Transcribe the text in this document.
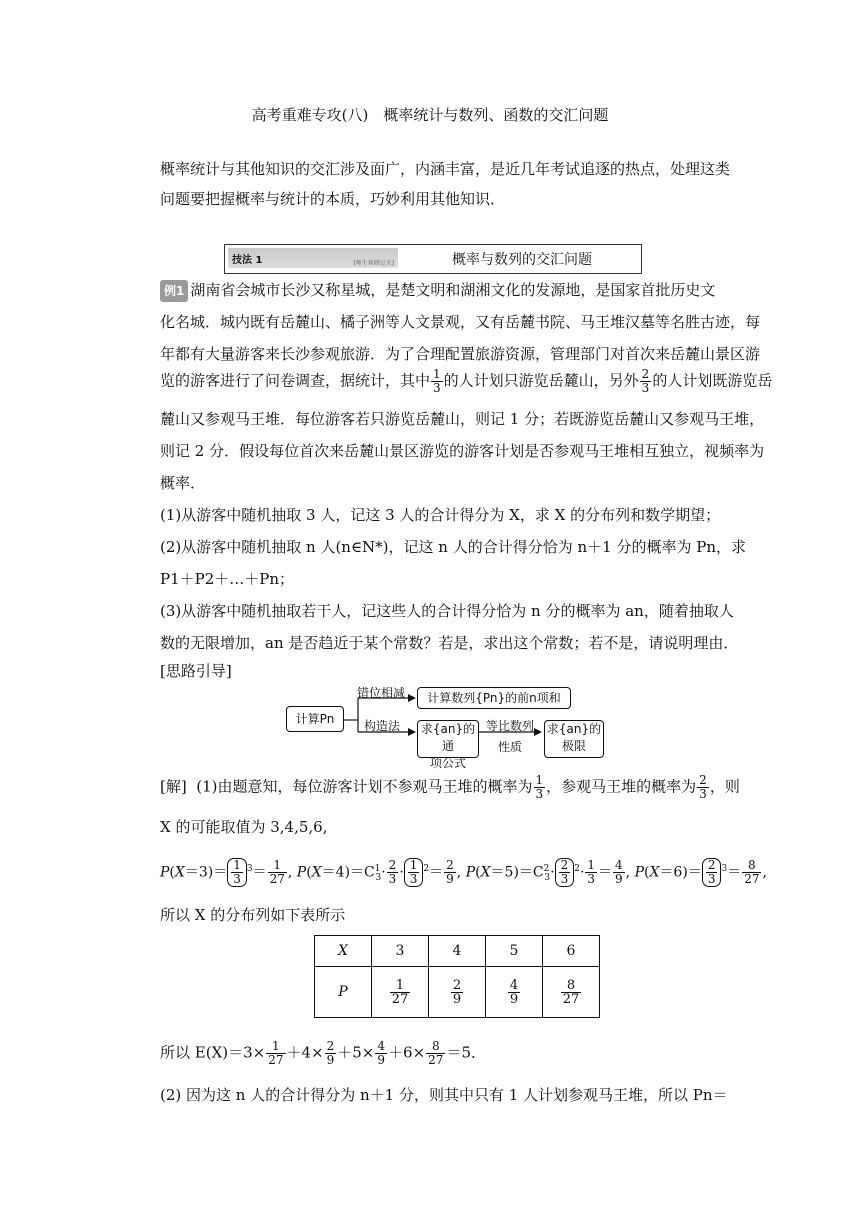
高考重难专攻(八)　概率统计与数列、函数的交汇问题
概率统计与其他知识的交汇涉及面广，内涵丰富，是近几年考试追逐的热点，处理这类
问题要把握概率与统计的本质，巧妙利用其他知识．
技法 1	[师生共研过关]	概率与数列的交汇问题
例1 湖南省会城市长沙又称星城，是楚文明和湖湘文化的发源地，是国家首批历史文
化名城．城内既有岳麓山、橘子洲等人文景观，又有岳麓书院、马王堆汉墓等名胜古迹，每
年都有大量游客来长沙参观旅游．为了合理配置旅游资源，管理部门对首次来岳麓山景区游
览的游客进行了问卷调查，据统计，其中 $\frac{1}{3}$ 的人计划只游览岳麓山，另外 $\frac{2}{3}$ 的人计划既游览岳
麓山又参观马王堆．每位游客若只游览岳麓山，则记 1 分；若既游览岳麓山又参观马王堆，
则记 2 分．假设每位首次来岳麓山景区游览的游客计划是否参观马王堆相互独立，视频率为
概率．
(1)从游客中随机抽取 3 人，记这 3 人的合计得分为 X，求 X 的分布列和数学期望；
(2)从游客中随机抽取 n 人(n∈N*)，记这 n 人的合计得分恰为 n＋1 分的概率为 Pn，求
P1＋P2＋…＋Pn；
(3)从游客中随机抽取若干人，记这些人的合计得分恰为 n 分的概率为 an，随着抽取人
数的无限增加，an 是否趋近于某个常数？若是，求出这个常数；若不是，请说明理由．
[思路引导]
计算Pn
错位相减	计算数列{Pn}的前n项和
构造法	求{an}的通
项公式
等比数列
性质
求{an}的
极限
[解] (1)由题意知，每位游客计划不参观马王堆的概率为 $\frac{1}{3}$ ，参观马王堆的概率为 $\frac{2}{3}$ ，则
X 的可能取值为 3,4,5,6,
$P(X=3)= \frac{1}{3} ^3= \frac{1}{27}$ , $P(X=4)=C^1_3\cdot \frac{2}{3} \cdot \frac{1}{3} ^2= \frac{2}{9}$ , $P(X=5)=C^2_3\cdot \frac{2}{3} ^2\cdot \frac{1}{3} = \frac{4}{9}$ , $P(X=6)= \frac{2}{3} ^3= \frac{8}{27}$ ,
所以 X 的分布列如下表所示
X	3	4	5	6
P	$\frac{1}{27}$	$\frac{2}{9}$	$\frac{4}{9}$	$\frac{8}{27}$
所以 $E(X)=3\times \frac{1}{27} +4\times \frac{2}{9} +5\times \frac{4}{9} +6\times \frac{8}{27} =5$．
(2) 因为这 n 人的合计得分为 n＋1 分，则其中只有 1 人计划参观马王堆，所以 Pn＝
